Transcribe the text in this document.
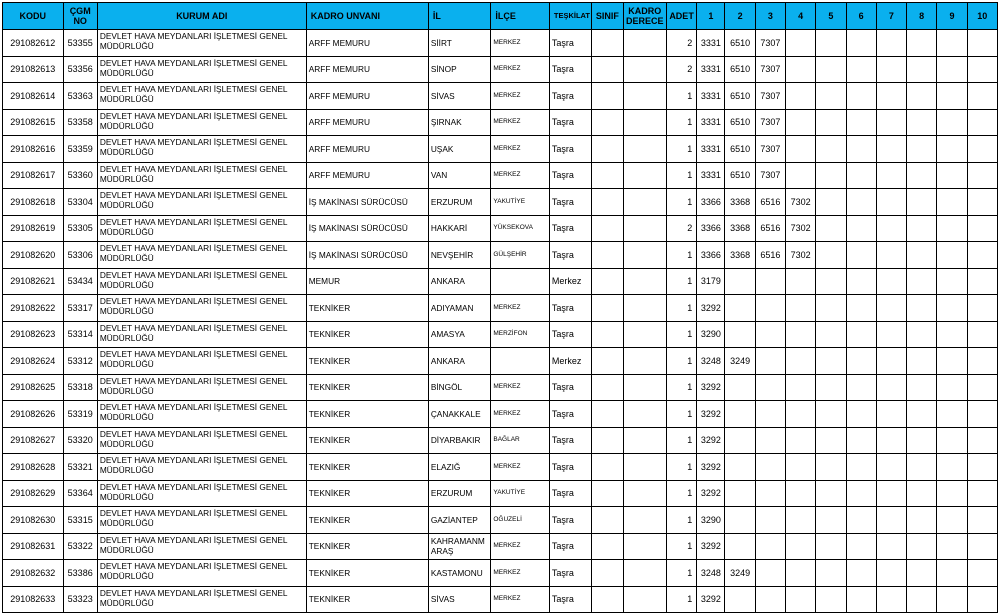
KODU	ÇGM NO	KURUM ADI	KADRO UNVANI	İL	İLÇE	TEŞKİLAT	SINIF	KADRO DERECE	ADET	1	2	3	4	5	6	7	8	9	10
291082612	53355	DEVLET HAVA MEYDANLARI İŞLETMESİ GENEL MÜDÜRLÜĞÜ	ARFF MEMURU	SİİRT	MERKEZ	Taşra			2	3331	6510	7307							
291082613	53356	DEVLET HAVA MEYDANLARI İŞLETMESİ GENEL MÜDÜRLÜĞÜ	ARFF MEMURU	SİNOP	MERKEZ	Taşra			2	3331	6510	7307							
291082614	53363	DEVLET HAVA MEYDANLARI İŞLETMESİ GENEL MÜDÜRLÜĞÜ	ARFF MEMURU	SİVAS	MERKEZ	Taşra			1	3331	6510	7307							
291082615	53358	DEVLET HAVA MEYDANLARI İŞLETMESİ GENEL MÜDÜRLÜĞÜ	ARFF MEMURU	ŞIRNAK	MERKEZ	Taşra			1	3331	6510	7307							
291082616	53359	DEVLET HAVA MEYDANLARI İŞLETMESİ GENEL MÜDÜRLÜĞÜ	ARFF MEMURU	UŞAK	MERKEZ	Taşra			1	3331	6510	7307							
291082617	53360	DEVLET HAVA MEYDANLARI İŞLETMESİ GENEL MÜDÜRLÜĞÜ	ARFF MEMURU	VAN	MERKEZ	Taşra			1	3331	6510	7307							
291082618	53304	DEVLET HAVA MEYDANLARI İŞLETMESİ GENEL MÜDÜRLÜĞÜ	İŞ MAKİNASI SÜRÜCÜSÜ	ERZURUM	YAKUTİYE	Taşra			1	3366	3368	6516	7302						
291082619	53305	DEVLET HAVA MEYDANLARI İŞLETMESİ GENEL MÜDÜRLÜĞÜ	İŞ MAKİNASI SÜRÜCÜSÜ	HAKKARİ	YÜKSEKOVA	Taşra			2	3366	3368	6516	7302						
291082620	53306	DEVLET HAVA MEYDANLARI İŞLETMESİ GENEL MÜDÜRLÜĞÜ	İŞ MAKİNASI SÜRÜCÜSÜ	NEVŞEHİR	GÜLŞEHİR	Taşra			1	3366	3368	6516	7302						
291082621	53434	DEVLET HAVA MEYDANLARI İŞLETMESİ GENEL MÜDÜRLÜĞÜ	MEMUR	ANKARA		Merkez			1	3179									
291082622	53317	DEVLET HAVA MEYDANLARI İŞLETMESİ GENEL MÜDÜRLÜĞÜ	TEKNİKER	ADIYAMAN	MERKEZ	Taşra			1	3292									
291082623	53314	DEVLET HAVA MEYDANLARI İŞLETMESİ GENEL MÜDÜRLÜĞÜ	TEKNİKER	AMASYA	MERZİFON	Taşra			1	3290									
291082624	53312	DEVLET HAVA MEYDANLARI İŞLETMESİ GENEL MÜDÜRLÜĞÜ	TEKNİKER	ANKARA		Merkez			1	3248	3249								
291082625	53318	DEVLET HAVA MEYDANLARI İŞLETMESİ GENEL MÜDÜRLÜĞÜ	TEKNİKER	BİNGÖL	MERKEZ	Taşra			1	3292									
291082626	53319	DEVLET HAVA MEYDANLARI İŞLETMESİ GENEL MÜDÜRLÜĞÜ	TEKNİKER	ÇANAKKALE	MERKEZ	Taşra			1	3292									
291082627	53320	DEVLET HAVA MEYDANLARI İŞLETMESİ GENEL MÜDÜRLÜĞÜ	TEKNİKER	DİYARBAKIR	BAĞLAR	Taşra			1	3292									
291082628	53321	DEVLET HAVA MEYDANLARI İŞLETMESİ GENEL MÜDÜRLÜĞÜ	TEKNİKER	ELAZIĞ	MERKEZ	Taşra			1	3292									
291082629	53364	DEVLET HAVA MEYDANLARI İŞLETMESİ GENEL MÜDÜRLÜĞÜ	TEKNİKER	ERZURUM	YAKUTİYE	Taşra			1	3292									
291082630	53315	DEVLET HAVA MEYDANLARI İŞLETMESİ GENEL MÜDÜRLÜĞÜ	TEKNİKER	GAZİANTEP	OĞUZELİ	Taşra			1	3290									
291082631	53322	DEVLET HAVA MEYDANLARI İŞLETMESİ GENEL MÜDÜRLÜĞÜ	TEKNİKER	KAHRAMANM ARAŞ	MERKEZ	Taşra			1	3292									
291082632	53386	DEVLET HAVA MEYDANLARI İŞLETMESİ GENEL MÜDÜRLÜĞÜ	TEKNİKER	KASTAMONU	MERKEZ	Taşra			1	3248	3249								
291082633	53323	DEVLET HAVA MEYDANLARI İŞLETMESİ GENEL MÜDÜRLÜĞÜ	TEKNİKER	SİVAS	MERKEZ	Taşra			1	3292									
